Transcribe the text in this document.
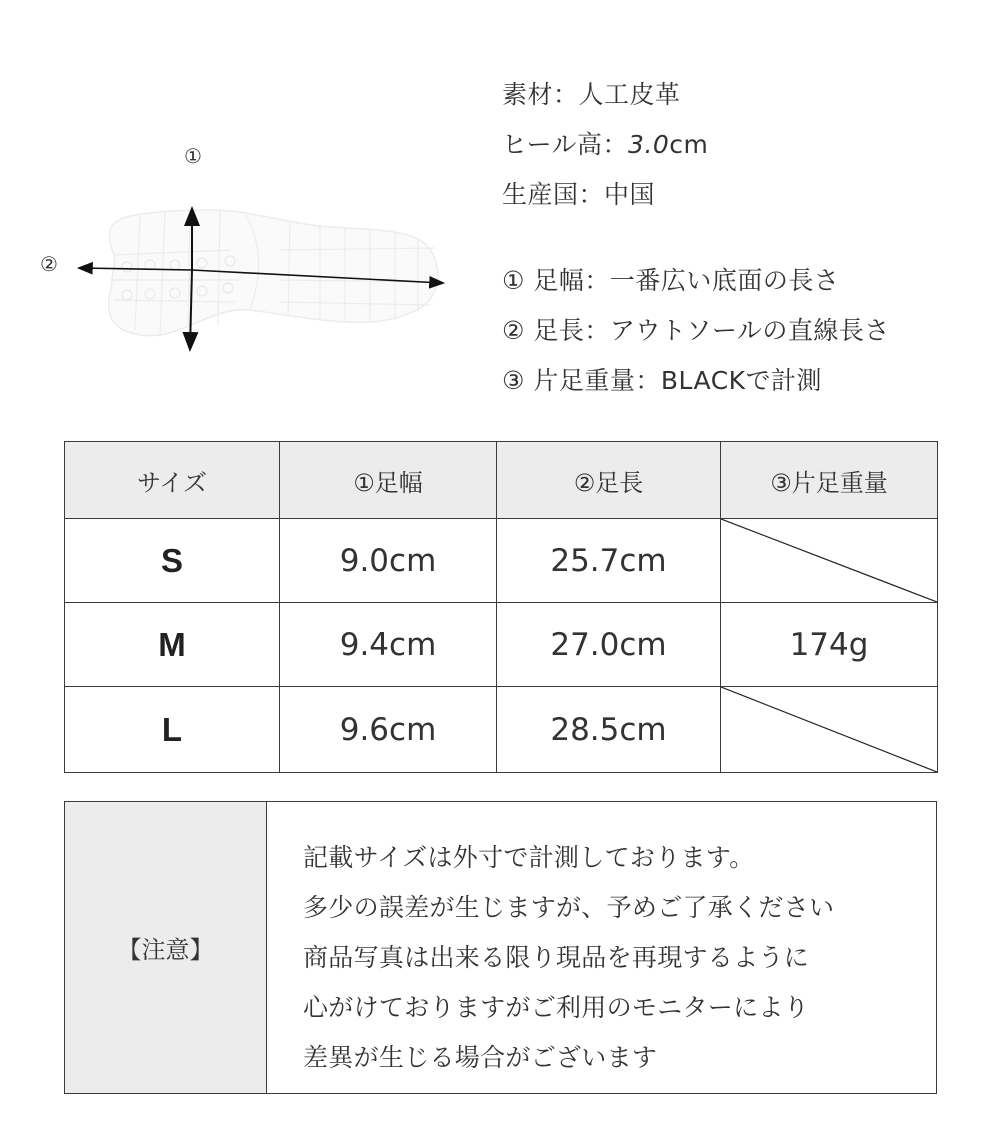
①
②
素材：人工皮革
ヒール高：3.0cm
生産国：中国
① 足幅：一番広い底面の長さ
② 足長：アウトソールの直線長さ
③ 片足重量：BLACKで計測
サイズ	①足幅	②足長	③片足重量
S	9.0cm	25.7cm	

M	9.4cm	27.0cm	174g
L	9.6cm	28.5cm	
【注意】
記載サイズは外寸で計測しております。
多少の誤差が生じますが、予めご了承ください
商品写真は出来る限り現品を再現するように
心がけておりますがご利用のモニターにより
差異が生じる場合がございます
